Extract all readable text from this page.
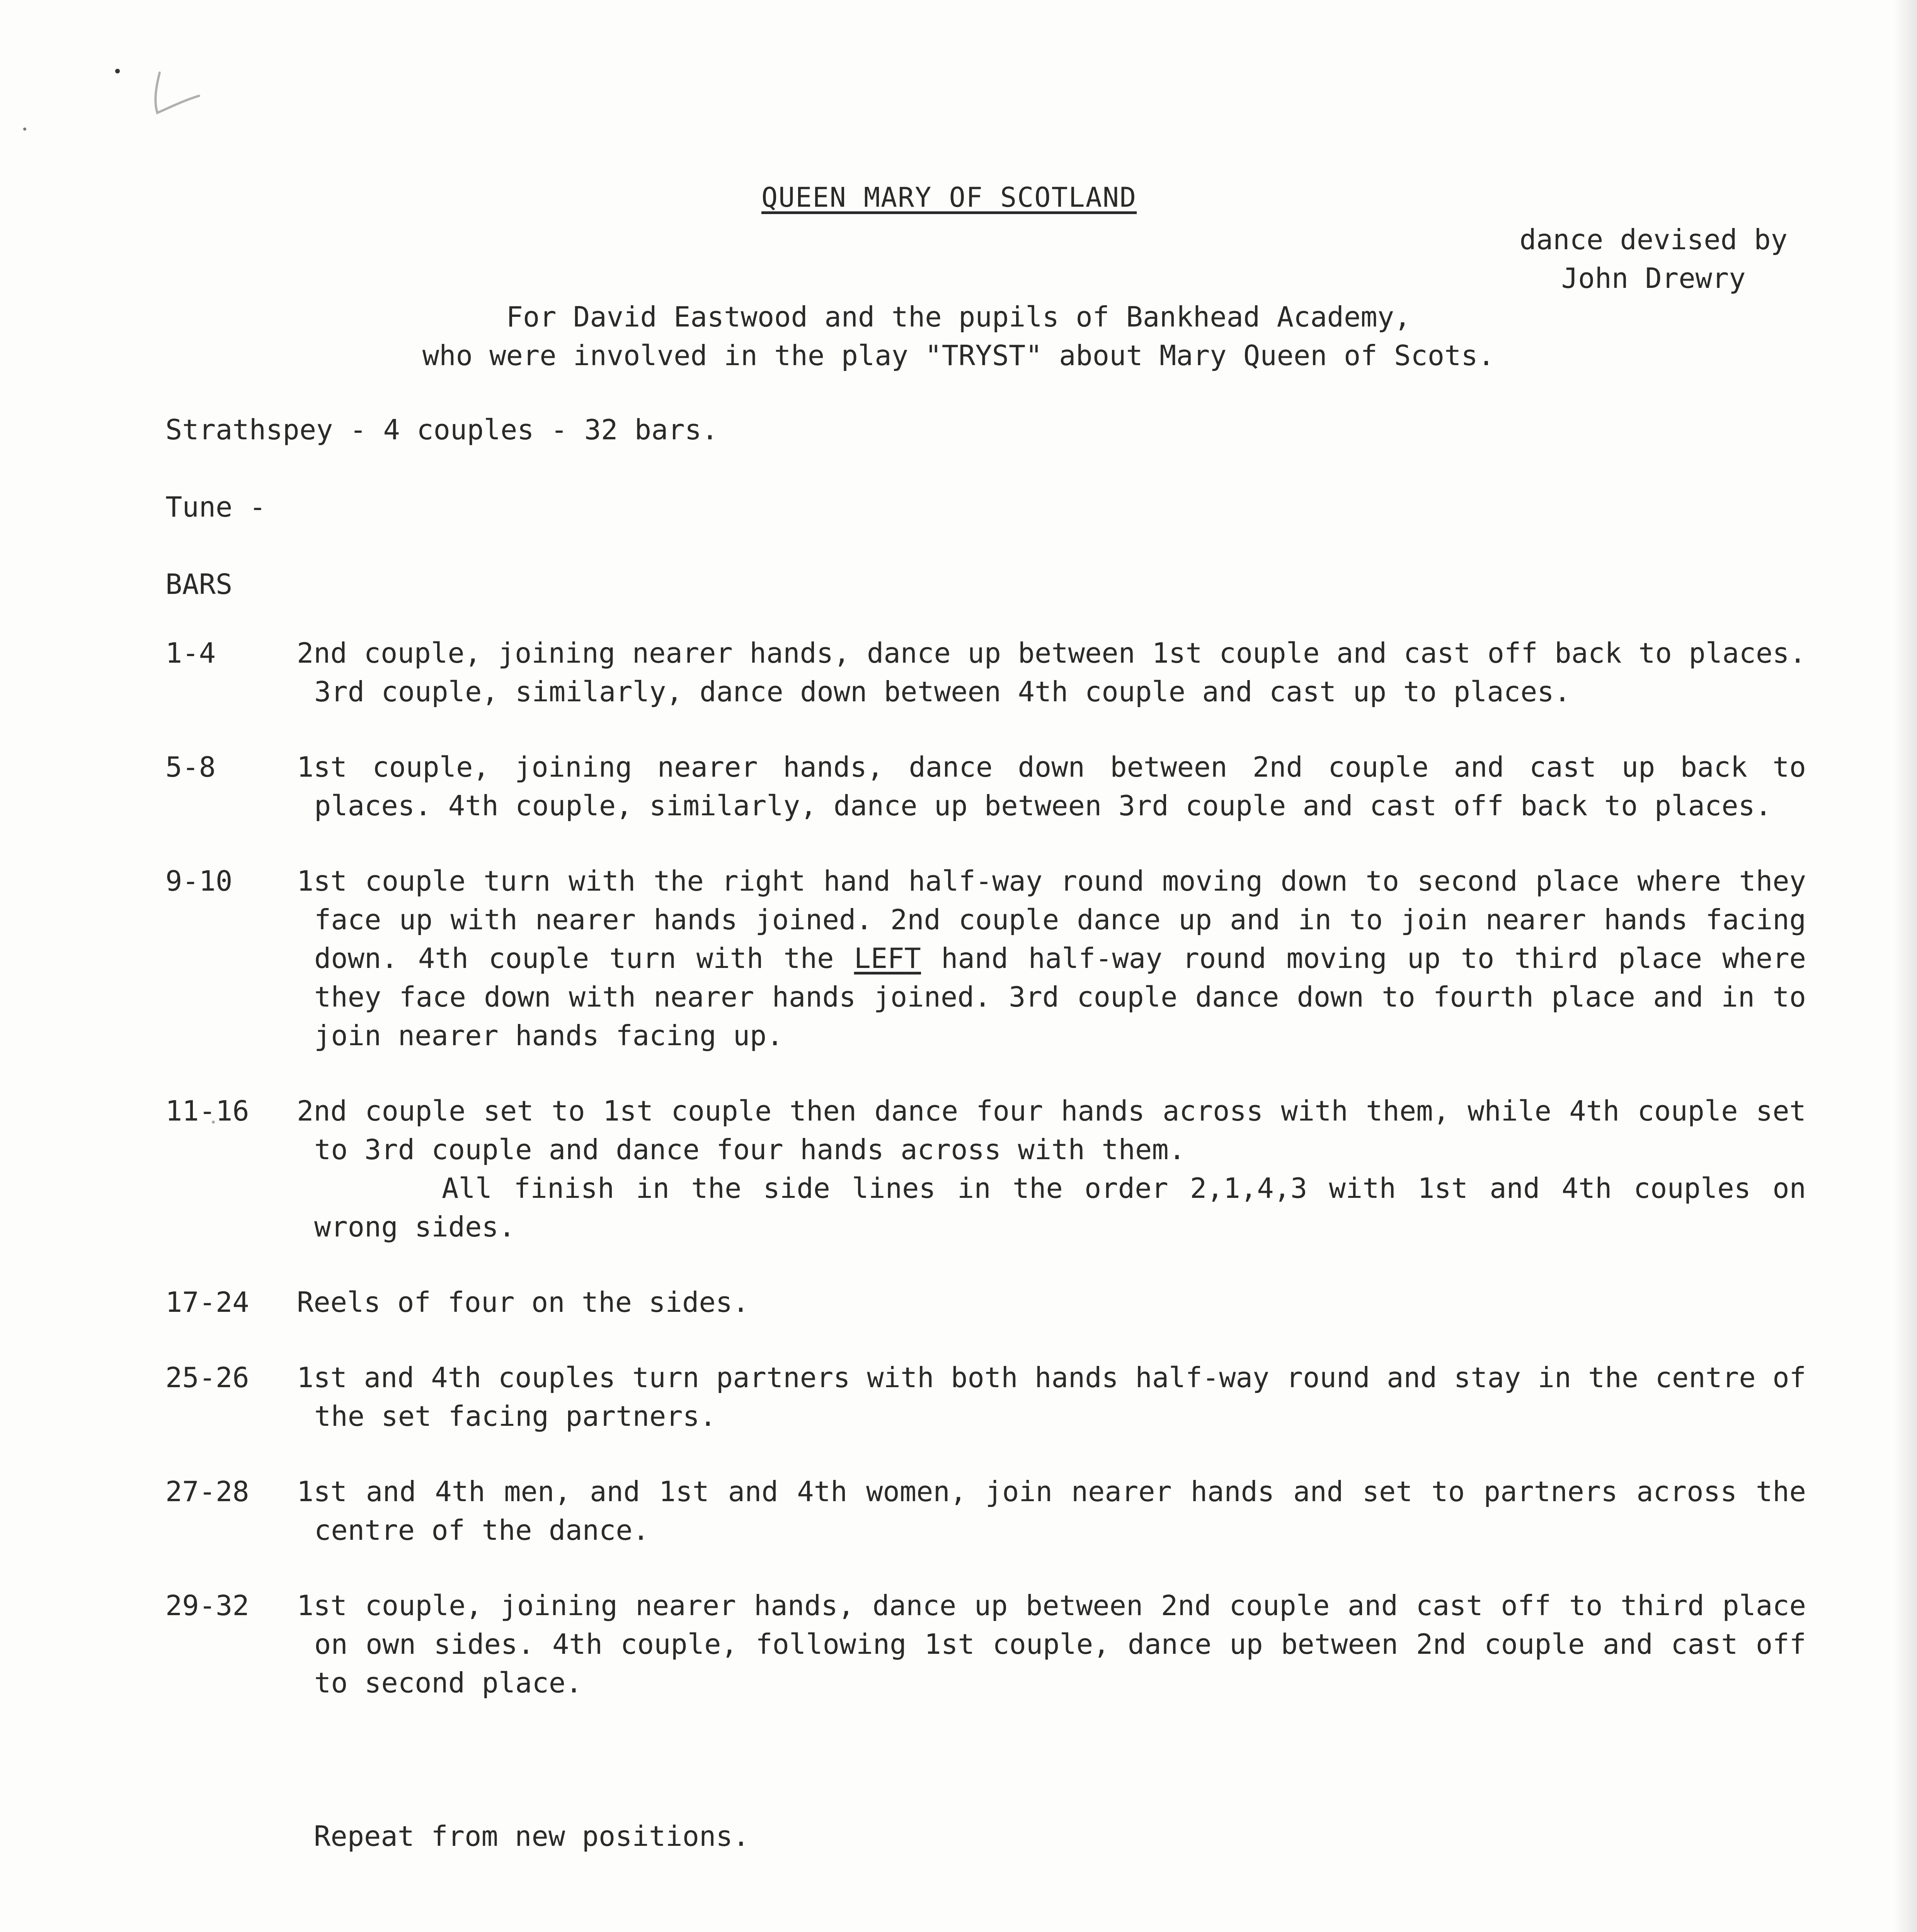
QUEEN MARY OF SCOTLAND
dance devised by
John Drewry
For David Eastwood and the pupils of Bankhead Academy,
who were involved in the play "TRYST" about Mary Queen of Scots.
Strathspey - 4 couples - 32 bars.
Tune -
BARS
1-4	2nd couple, joining nearer hands, dance up between 1st couple and cast off back to places. 3rd couple, similarly, dance down between 4th couple and cast up to places.
5-8	1st couple, joining nearer hands, dance down between 2nd couple and cast up back to places. 4th couple, similarly, dance up between 3rd couple and cast off back to places.
9-10	1st couple turn with the right hand half-way round moving down to second place where they face up with nearer hands joined. 2nd couple dance up and in to join nearer hands facing down. 4th couple turn with the LEFT hand half-way round moving up to third place where they face down with nearer hands joined. 3rd couple dance down to fourth place and in to join nearer hands facing up.
11-16	2nd couple set to 1st couple then dance four hands across with them, while 4th couple set to 3rd couple and dance four hands across with them.
All finish in the side lines in the order 2,1,4,3 with 1st and 4th couples on wrong sides.
17-24	Reels of four on the sides.
25-26	1st and 4th couples turn partners with both hands half-way round and stay in the centre of the set facing partners.
27-28	1st and 4th men, and 1st and 4th women, join nearer hands and set to partners across the centre of the dance.
29-32	1st couple, joining nearer hands, dance up between 2nd couple and cast off to third place on own sides. 4th couple, following 1st couple, dance up between 2nd couple and cast off to second place.
Repeat from new positions.
